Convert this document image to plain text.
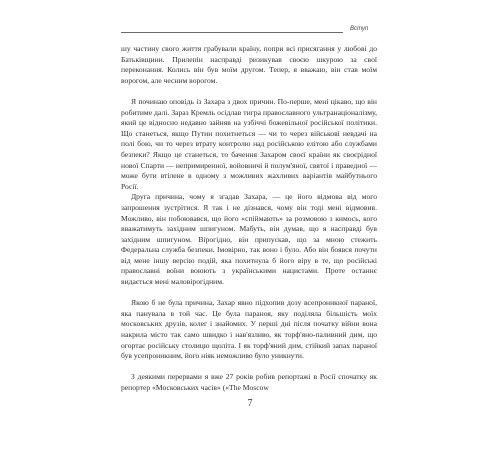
Вступ

шу частину свого життя грабували країну, попри всі присягання у любові до Батьківщини. Прилепін насправді ризикував своєю шкурою за свої переконання. Колись він був моїм другом. Тепер, я вважаю, він став моїм ворогом, але чесним ворогом.

Я починаю оповідь із Захара з двох причин. По-перше, мені цікаво, що він робитиме далі. Зараз Кремль осідлав тигра православного ультранаціоналізму, який це відносно недавно зайняв на узбіччі божевільної російської політики. Що станеться, якщо Путин похитнеться — чи то через військові невдачі на полі бою, чи то через втрату контролю над російською елітою або службами безпеки? Якщо це станеться, то бачення Захаром своєї країни як своєрідної нової Спарти — непримиренної, войовничі й полум'яної, святої і праведної — може бути втілене в одному з можливих жахливих варіантів майбутнього Росії.

Друга причина, чому я згадав Захара, — це його відмова від мого запрошення зустрітися. Я так і не дізнався, чому він тоді мені відмовив. Можливо, він побоювався, що його «спіймають» за розмовою з кимось, кого вважатимуть західним шпигуном. Мабуть, він думав, що я насправді був західним шпигуном. Вірогідно, він припускав, що за мною стежить Федеральна служба безпеки. Імовірно, так воно і було. Або він боявся почути від мене іншу версію подій, яка похитнула б його віру в те, що російські православні воїни воюють з українськими нацистами. Проте останнє видається мені маловірогідним.

Якою б не була причина, Захар явно підхопив дозу всепроникної параної, яка панувала в той час. Це була параноя, яку поділяла більшість моїх московських друзів, колег і знайомих. У перші дні після початку війни вона накрила місто так само швидко і нав'язливо, як торф'яно-паливний дим, що огортає російську столицю щоліта. І як торф'яний дим, стійкий запах параної був усепроникним, його ніяк неможливо було уникнути.

З деякими перервами я вже 27 років робив репортажі в Росії спочатку як репортер «Московських часів» («The Moscow

7
